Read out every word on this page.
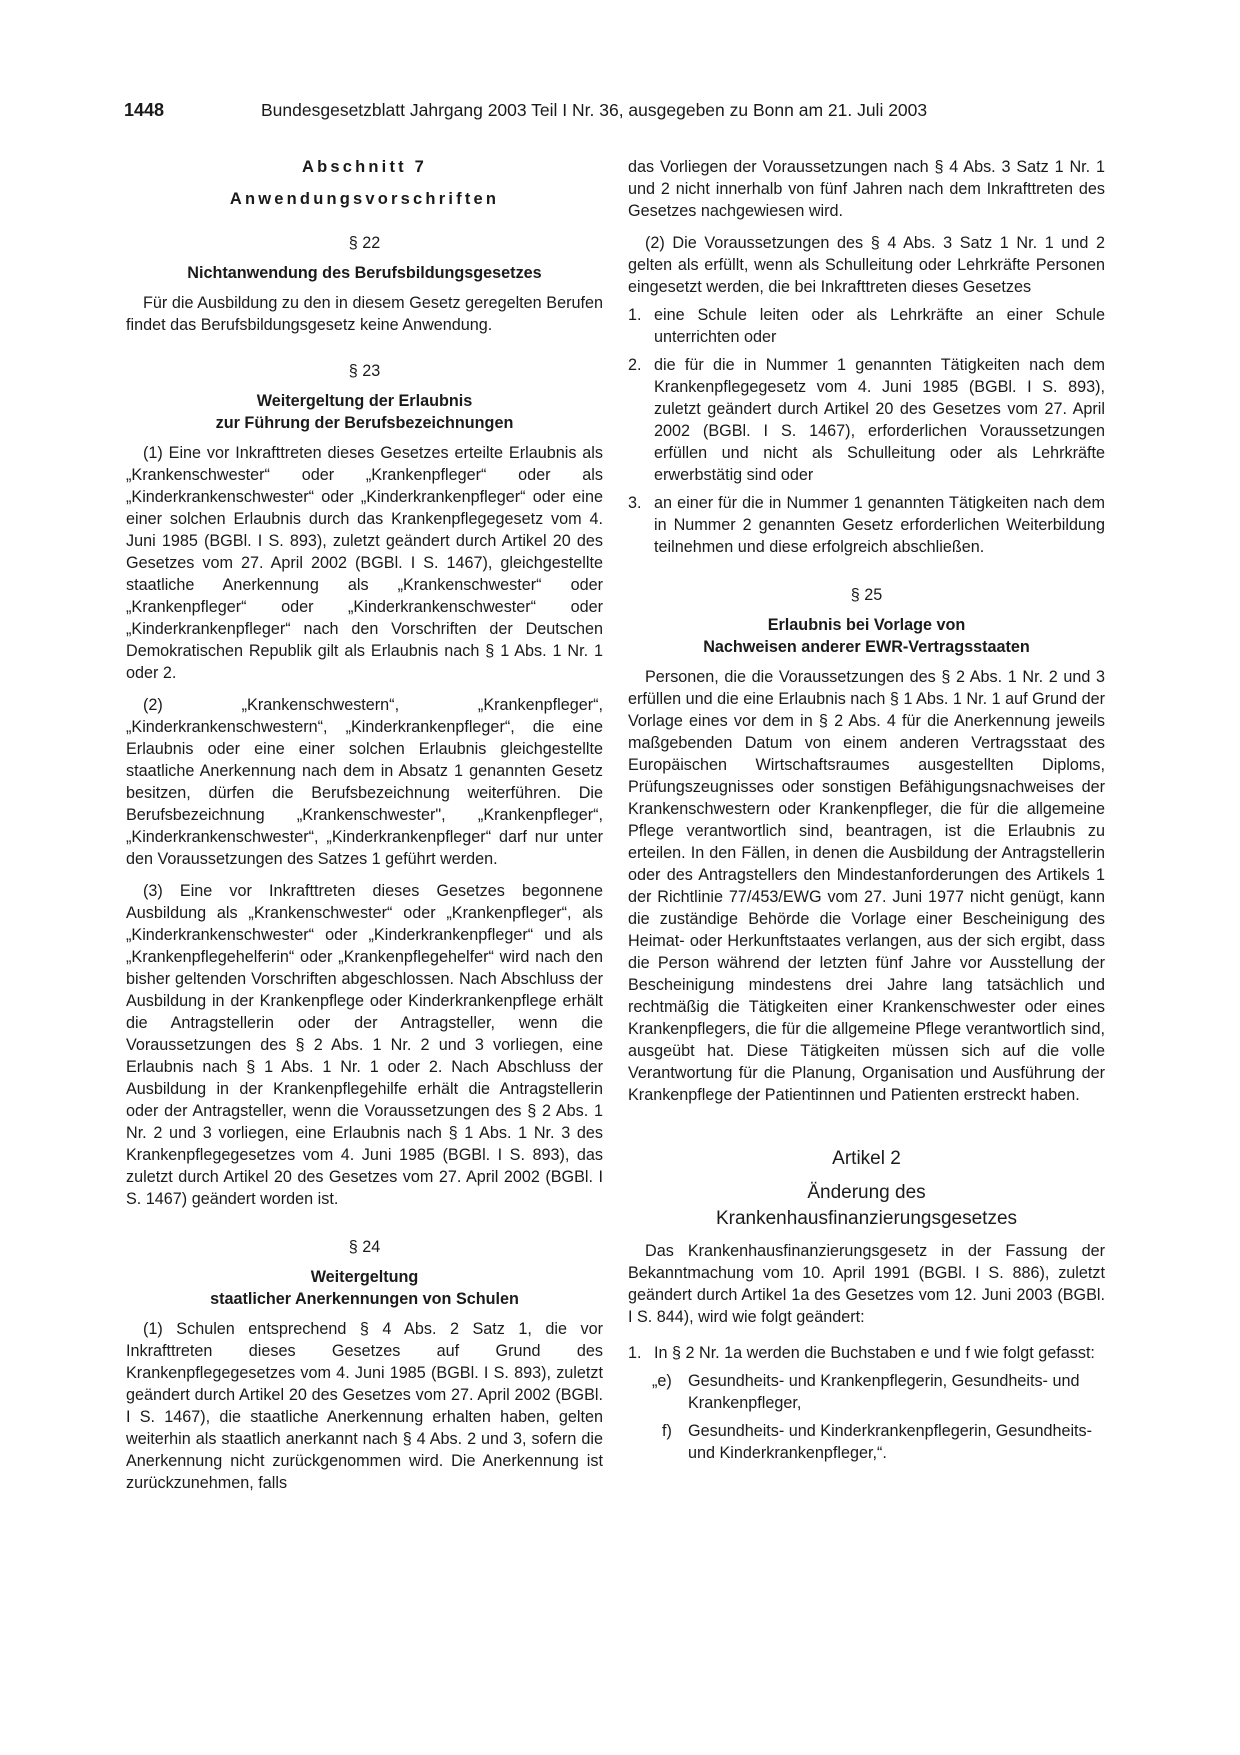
1448	Bundesgesetzblatt Jahrgang 2003 Teil I Nr. 36, ausgegeben zu Bonn am 21. Juli 2003

Abschnitt 7

Anwendungsvorschriften

§ 22

Nichtanwendung des Berufsbildungsgesetzes

Für die Ausbildung zu den in diesem Gesetz geregelten Berufen findet das Berufsbildungsgesetz keine Anwendung.

§ 23

Weitergeltung der Erlaubnis
zur Führung der Berufsbezeichnungen

(1) Eine vor Inkrafttreten dieses Gesetzes erteilte Erlaubnis als „Krankenschwester“ oder „Krankenpfleger“ oder als „Kinderkrankenschwester“ oder „Kinderkrankenpfleger“ oder eine einer solchen Erlaubnis durch das Krankenpflegegesetz vom 4. Juni 1985 (BGBl. I S. 893), zuletzt geändert durch Artikel 20 des Gesetzes vom 27. April 2002 (BGBl. I S. 1467), gleichgestellte staatliche Anerkennung als „Krankenschwester“ oder „Krankenpfleger“ oder „Kinderkrankenschwester“ oder „Kinderkrankenpfleger“ nach den Vorschriften der Deutschen Demokratischen Republik gilt als Erlaubnis nach § 1 Abs. 1 Nr. 1 oder 2.

(2) „Krankenschwestern“, „Krankenpfleger“, „Kinderkrankenschwestern“, „Kinderkrankenpfleger“, die eine Erlaubnis oder eine einer solchen Erlaubnis gleichgestellte staatliche Anerkennung nach dem in Absatz 1 genannten Gesetz besitzen, dürfen die Berufsbezeichnung weiterführen. Die Berufsbezeichnung „Krankenschwester", „Krankenpfleger“, „Kinderkrankenschwester“, „Kinderkrankenpfleger“ darf nur unter den Voraussetzungen des Satzes 1 geführt werden.

(3) Eine vor Inkrafttreten dieses Gesetzes begonnene Ausbildung als „Krankenschwester“ oder „Krankenpfleger“, als „Kinderkrankenschwester“ oder „Kinderkrankenpfleger“ und als „Krankenpflegehelferin“ oder „Krankenpflegehelfer“ wird nach den bisher geltenden Vorschriften abgeschlossen. Nach Abschluss der Ausbildung in der Krankenpflege oder Kinderkrankenpflege erhält die Antragstellerin oder der Antragsteller, wenn die Voraussetzungen des § 2 Abs. 1 Nr. 2 und 3 vorliegen, eine Erlaubnis nach § 1 Abs. 1 Nr. 1 oder 2. Nach Abschluss der Ausbildung in der Krankenpflegehilfe erhält die Antragstellerin oder der Antragsteller, wenn die Voraussetzungen des § 2 Abs. 1 Nr. 2 und 3 vorliegen, eine Erlaubnis nach § 1 Abs. 1 Nr. 3 des Krankenpflegegesetzes vom 4. Juni 1985 (BGBl. I S. 893), das zuletzt durch Artikel 20 des Gesetzes vom 27. April 2002 (BGBl. I S. 1467) geändert worden ist.

§ 24

Weitergeltung
staatlicher Anerkennungen von Schulen

(1) Schulen entsprechend § 4 Abs. 2 Satz 1, die vor Inkrafttreten dieses Gesetzes auf Grund des Krankenpflegegesetzes vom 4. Juni 1985 (BGBl. I S. 893), zuletzt geändert durch Artikel 20 des Gesetzes vom 27. April 2002 (BGBl. I S. 1467), die staatliche Anerkennung erhalten haben, gelten weiterhin als staatlich anerkannt nach § 4 Abs. 2 und 3, sofern die Anerkennung nicht zurückgenommen wird. Die Anerkennung ist zurückzunehmen, falls

das Vorliegen der Voraussetzungen nach § 4 Abs. 3 Satz 1 Nr. 1 und 2 nicht innerhalb von fünf Jahren nach dem Inkrafttreten des Gesetzes nachgewiesen wird.

(2) Die Voraussetzungen des § 4 Abs. 3 Satz 1 Nr. 1 und 2 gelten als erfüllt, wenn als Schulleitung oder Lehrkräfte Personen eingesetzt werden, die bei Inkrafttreten dieses Gesetzes

1. eine Schule leiten oder als Lehrkräfte an einer Schule unterrichten oder
2. die für die in Nummer 1 genannten Tätigkeiten nach dem Krankenpflegegesetz vom 4. Juni 1985 (BGBl. I S. 893), zuletzt geändert durch Artikel 20 des Gesetzes vom 27. April 2002 (BGBl. I S. 1467), erforderlichen Voraussetzungen erfüllen und nicht als Schulleitung oder als Lehrkräfte erwerbstätig sind oder
3. an einer für die in Nummer 1 genannten Tätigkeiten nach dem in Nummer 2 genannten Gesetz erforderlichen Weiterbildung teilnehmen und diese erfolgreich abschließen.

§ 25

Erlaubnis bei Vorlage von
Nachweisen anderer EWR-Vertragsstaaten

Personen, die die Voraussetzungen des § 2 Abs. 1 Nr. 2 und 3 erfüllen und die eine Erlaubnis nach § 1 Abs. 1 Nr. 1 auf Grund der Vorlage eines vor dem in § 2 Abs. 4 für die Anerkennung jeweils maßgebenden Datum von einem anderen Vertragsstaat des Europäischen Wirtschaftsraumes ausgestellten Diploms, Prüfungszeugnisses oder sonstigen Befähigungsnachweises der Krankenschwestern oder Krankenpfleger, die für die allgemeine Pflege verantwortlich sind, beantragen, ist die Erlaubnis zu erteilen. In den Fällen, in denen die Ausbildung der Antragstellerin oder des Antragstellers den Mindestanforderungen des Artikels 1 der Richtlinie 77/453/EWG vom 27. Juni 1977 nicht genügt, kann die zuständige Behörde die Vorlage einer Bescheinigung des Heimat- oder Herkunftstaates verlangen, aus der sich ergibt, dass die Person während der letzten fünf Jahre vor Ausstellung der Bescheinigung mindestens drei Jahre lang tatsächlich und rechtmäßig die Tätigkeiten einer Krankenschwester oder eines Krankenpflegers, die für die allgemeine Pflege verantwortlich sind, ausgeübt hat. Diese Tätigkeiten müssen sich auf die volle Verantwortung für die Planung, Organisation und Ausführung der Krankenpflege der Patientinnen und Patienten erstreckt haben.

Artikel 2

Änderung des
Krankenhausfinanzierungsgesetzes

Das Krankenhausfinanzierungsgesetz in der Fassung der Bekanntmachung vom 10. April 1991 (BGBl. I S. 886), zuletzt geändert durch Artikel 1a des Gesetzes vom 12. Juni 2003 (BGBl. I S. 844), wird wie folgt geändert:

1. In § 2 Nr. 1a werden die Buchstaben e und f wie folgt gefasst:
„e) Gesundheits- und Krankenpflegerin, Gesundheits- und Krankenpfleger,
f) Gesundheits- und Kinderkrankenpflegerin, Gesundheits- und Kinderkrankenpfleger,“.
